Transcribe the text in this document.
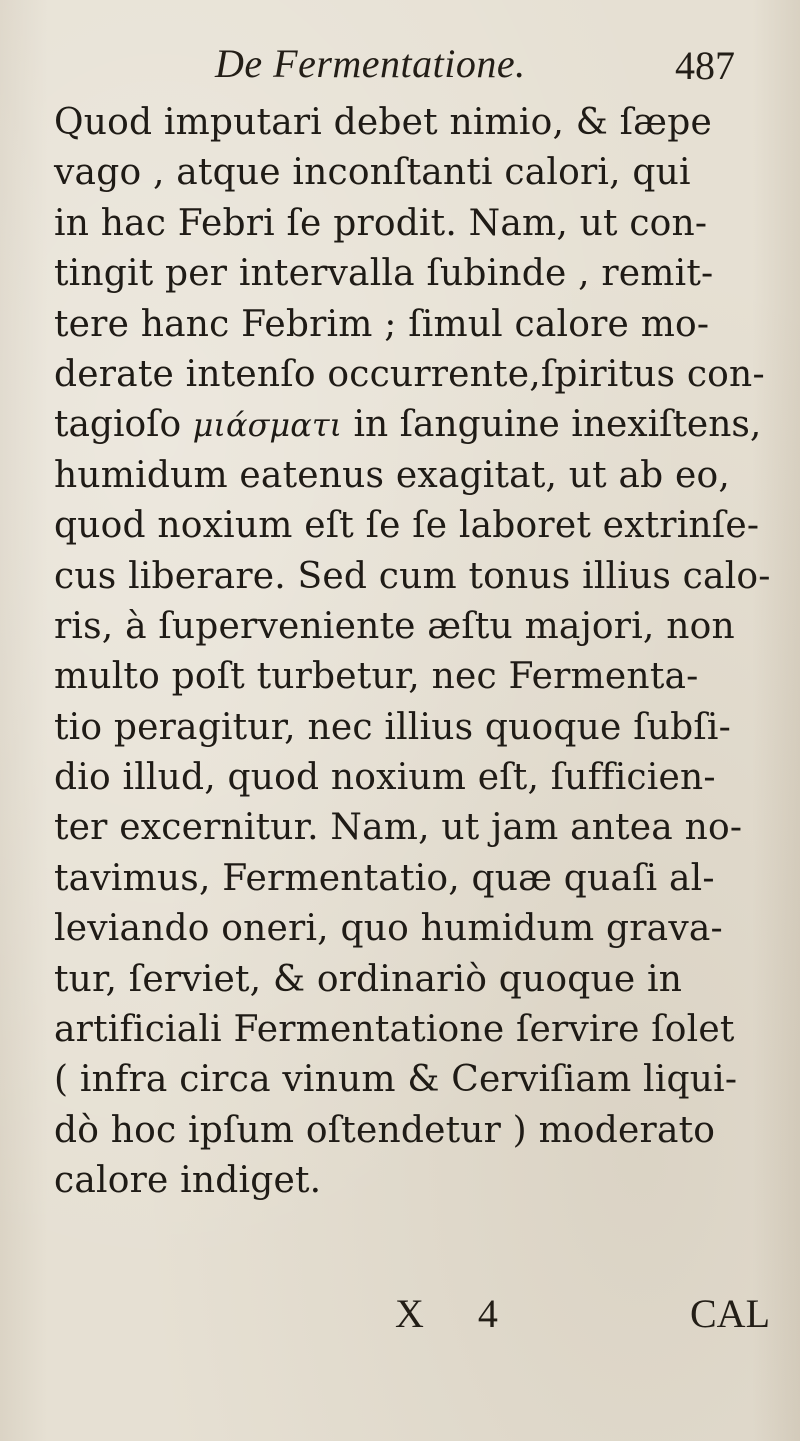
De Fermentatione.	487
Quod imputari debet nimio, & ſæpe
vago , atque inconſtanti calori, qui
in hac Febri ſe prodit. Nam, ut con-
tingit per intervalla ſubinde , remit-
tere hanc Febrim ; ſimul calore mo-
derate intenſo occurrente,ſpiritus con-
tagioſo μιάσματι in ſanguine inexiſtens,
humidum eatenus exagitat, ut ab eo,
quod noxium eſt ſe ſe laboret extrinſe-
cus liberare. Sed cum tonus illius calo-
ris, à ſuperveniente æſtu majori, non
multo poſt turbetur, nec Fermenta-
tio peragitur, nec illius quoque ſubſi-
dio illud, quod noxium eſt, ſufficien-
ter excernitur. Nam, ut jam antea no-
tavimus, Fermentatio, quæ quaſi al-
leviando oneri, quo humidum grava-
tur, ſerviet, & ordinariò quoque in
artificiali Fermentatione ſervire ſolet
( infra circa vinum & Cerviſiam liqui-
dò hoc ipſum oſtendetur ) moderato
calore indiget.
X 4	CAL
